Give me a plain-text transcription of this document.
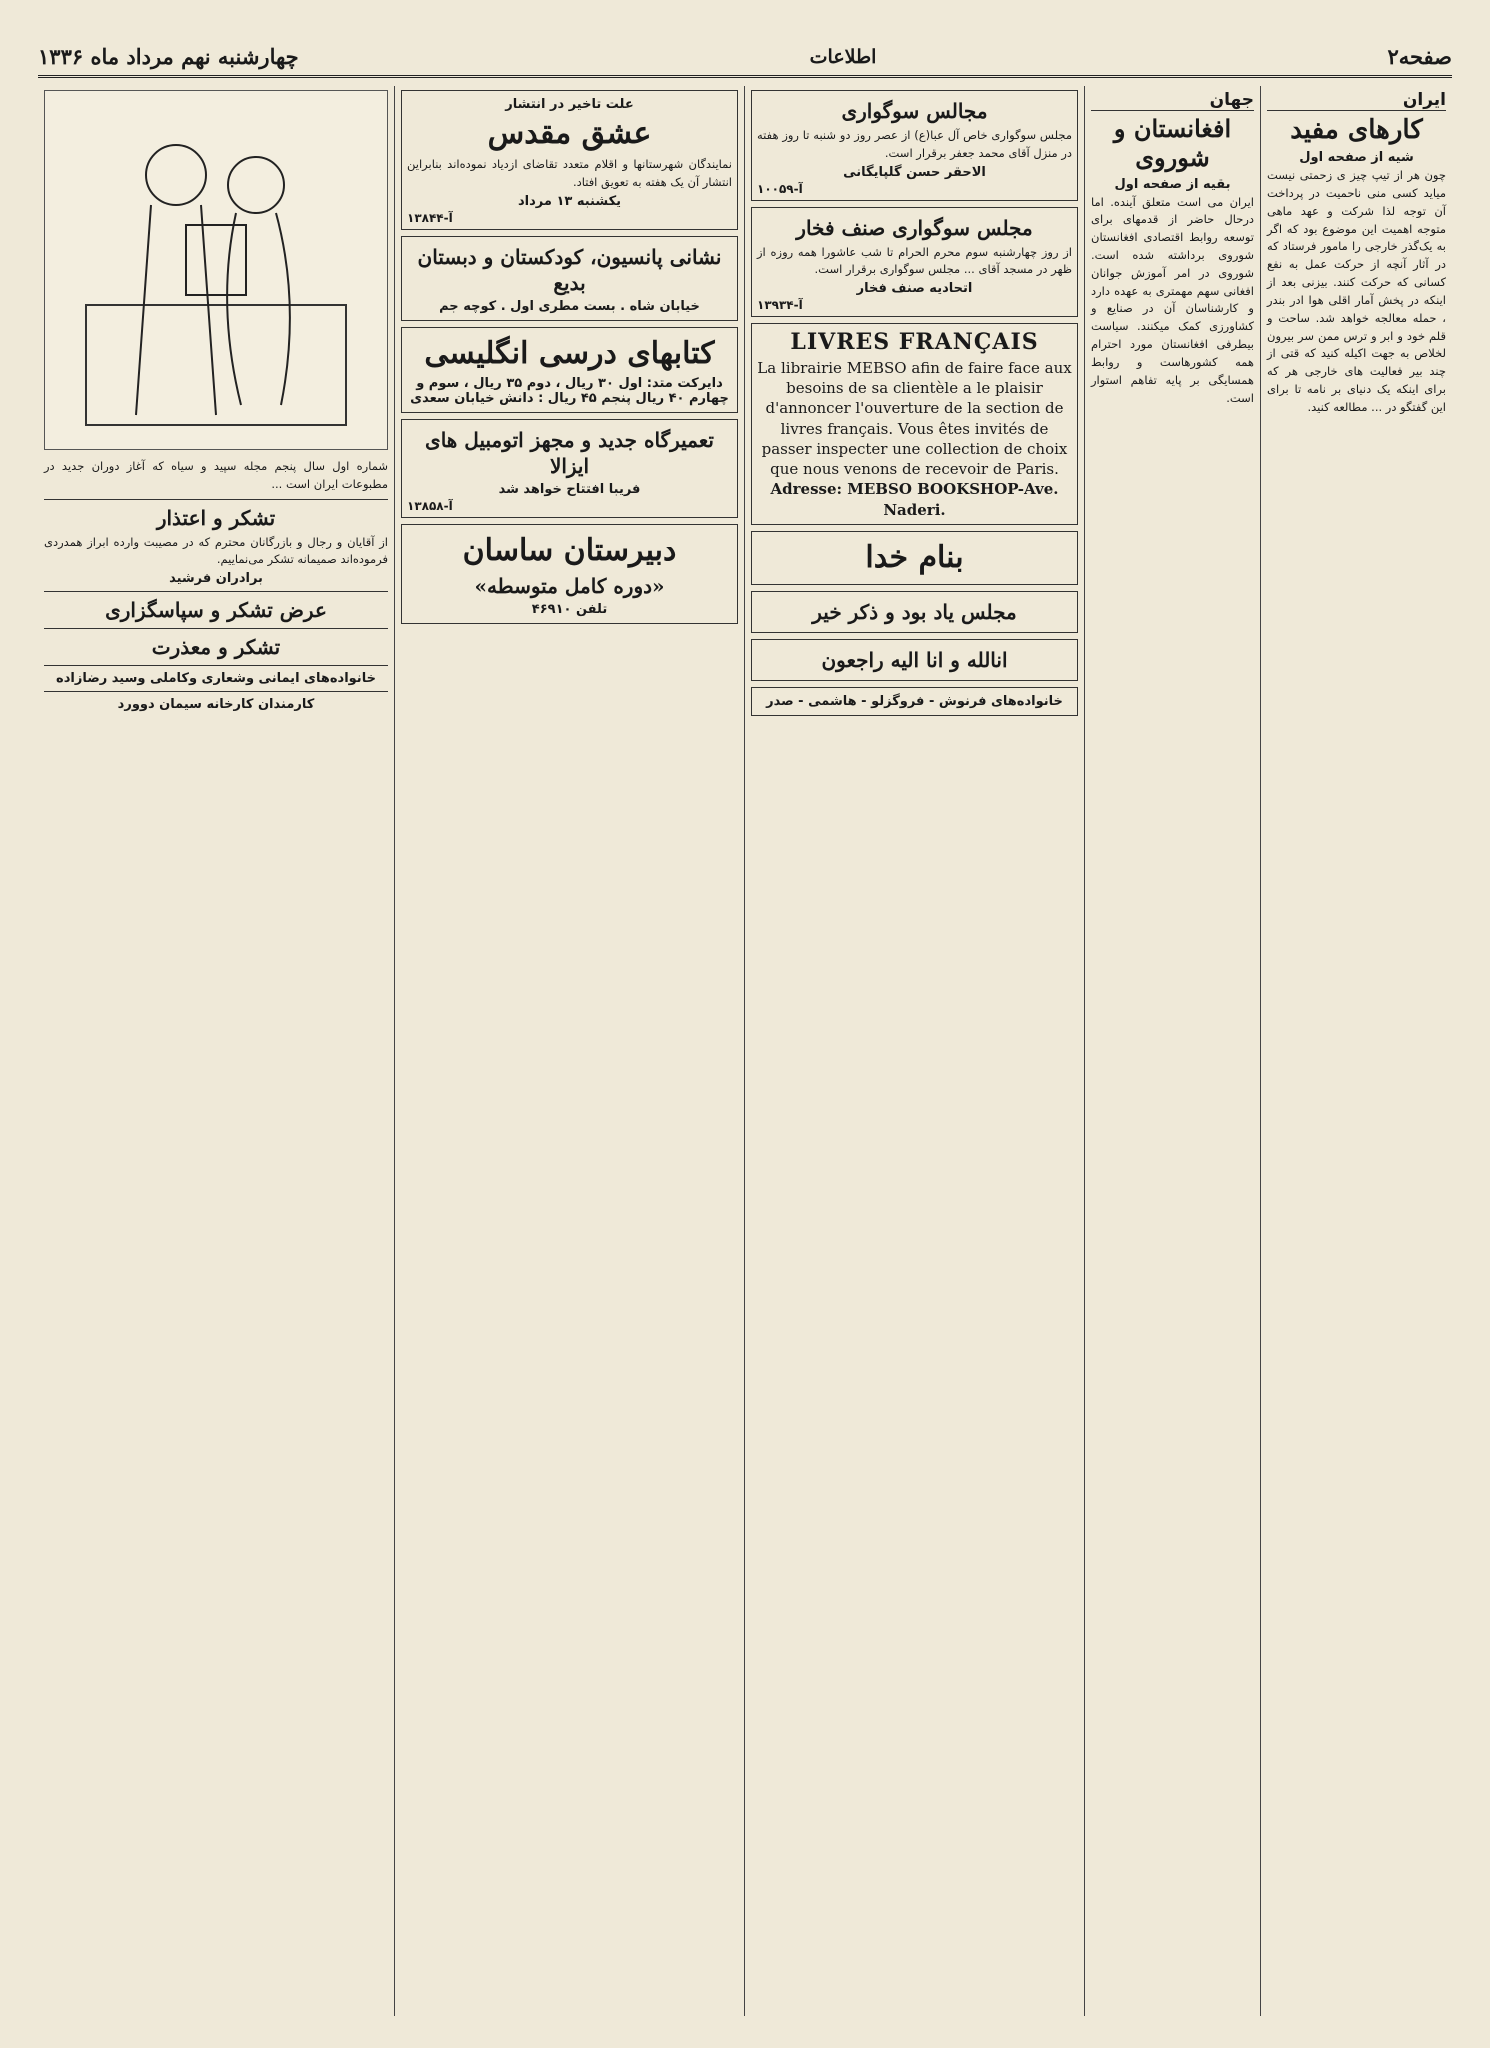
صفحه۲
اطلاعات
چهارشنبه نهم مرداد ماه ۱۳۳۶
ایران
کارهای مفید
شیه از صفحه اول
چون هر از تیپ چیز ی زحمتی نیست میاید کسی منی ناحمیت در پرداخت آن توجه لذا شرکت و عهد ماهی متوجه اهمیت این موضوع بود که اگر به یک‌گذر خارجی را مامور فرستاد که در آثار آنچه از حرکت عمل به نفع کسانی که حرکت کنند. بیزنی بعد از اینکه در پخش آمار اقلی هوا ادر بندر ، حمله معالجه خواهد شد. ساحت و قلم خود و ابر و ترس ممن سر بیرون لخلاص به جهت اکیله کنید که قتی از چند بیر فعالیت های خارجی هر که برای اینکه یک دنیای بر نامه تا برای این گفتگو در ... مطالعه کنید.
جهان
افغانستان و شوروی
بقیه از صفحه اول
ایران می است متعلق آینده. اما درحال حاضر از قدمهای برای توسعه روابط اقتصادی افغانستان شوروی برداشته شده است. شوروی در امر آموزش جوانان افغانی سهم مهمتری به عهده دارد و کارشناسان آن در صنایع و کشاورزی کمک میکنند. سیاست بیطرفی افغانستان مورد احترام همه کشورهاست و روابط همسایگی بر پایه تفاهم استوار است.
مجالس سوگواری
مجلس سوگواری خاص آل عبا(ع) از عصر روز دو شنبه تا روز هفته در منزل آقای محمد جعفر برقرار است.
الاحقر حسن گلپایگانی
آ-۱۰۰۵۹
مجلس سوگواری صنف فخار
از روز چهارشنبه سوم محرم الحرام تا شب عاشورا همه روزه از ظهر در مسجد آقای ... مجلس سوگواری برقرار است.
اتحادیه صنف فخار
آ-۱۳۹۳۴
LIVRES FRANÇAIS
La librairie MEBSO afin de faire face aux besoins de sa clientèle a le plaisir d'annoncer l'ouverture de la section de livres français. Vous êtes invités de passer inspecter une collection de choix que nous venons de recevoir de Paris.
Adresse: MEBSO BOOKSHOP-Ave. Naderi.
بنام خدا
مجلس یاد بود و ذکر خیر
انالله و انا الیه راجعون
خانواده‌های فرنوش - فروگزلو - هاشمی - صدر
علت تاخیر در انتشار
عشق مقدس
نمایندگان شهرستانها و اقلام متعدد تقاضای ازدیاد نموده‌اند بنابراین انتشار آن یک هفته به تعویق افتاد.
یکشنبه ۱۳ مرداد
آ-۱۳۸۴۴
نشانی پانسیون، کودکستان و دبستان بدیع
خیابان شاه . بست مطری اول . کوچه جم
کتابهای درسی انگلیسی
دایرکت متد: اول ۳۰ ریال ، دوم ۳۵ ریال ، سوم و چهارم ۴۰ ریال پنجم ۴۵ ریال : دانش خیابان سعدی
تعمیرگاه جدید و مجهز اتومبیل های ایزالا
فریبا افتتاح خواهد شد
آ-۱۳۸۵۸
دبیرستان ساسان
«دوره کامل متوسطه»
تلفن ۴۶۹۱۰
شماره اول سال پنجم مجله سپید و سیاه که آغاز دوران جدید در مطبوعات ایران است ...
تشکر و اعتذار
از آقایان و رجال و بازرگانان محترم که در مصیبت وارده ابراز همدردی فرموده‌اند صمیمانه تشکر می‌نماییم.
برادران فرشید
عرض تشکر و سپاسگزاری
تشکر و معذرت
خانواده‌های ایمانی وشعاری وکاملی وسید رضازاده
کارمندان کارخانه سیمان دوورد
